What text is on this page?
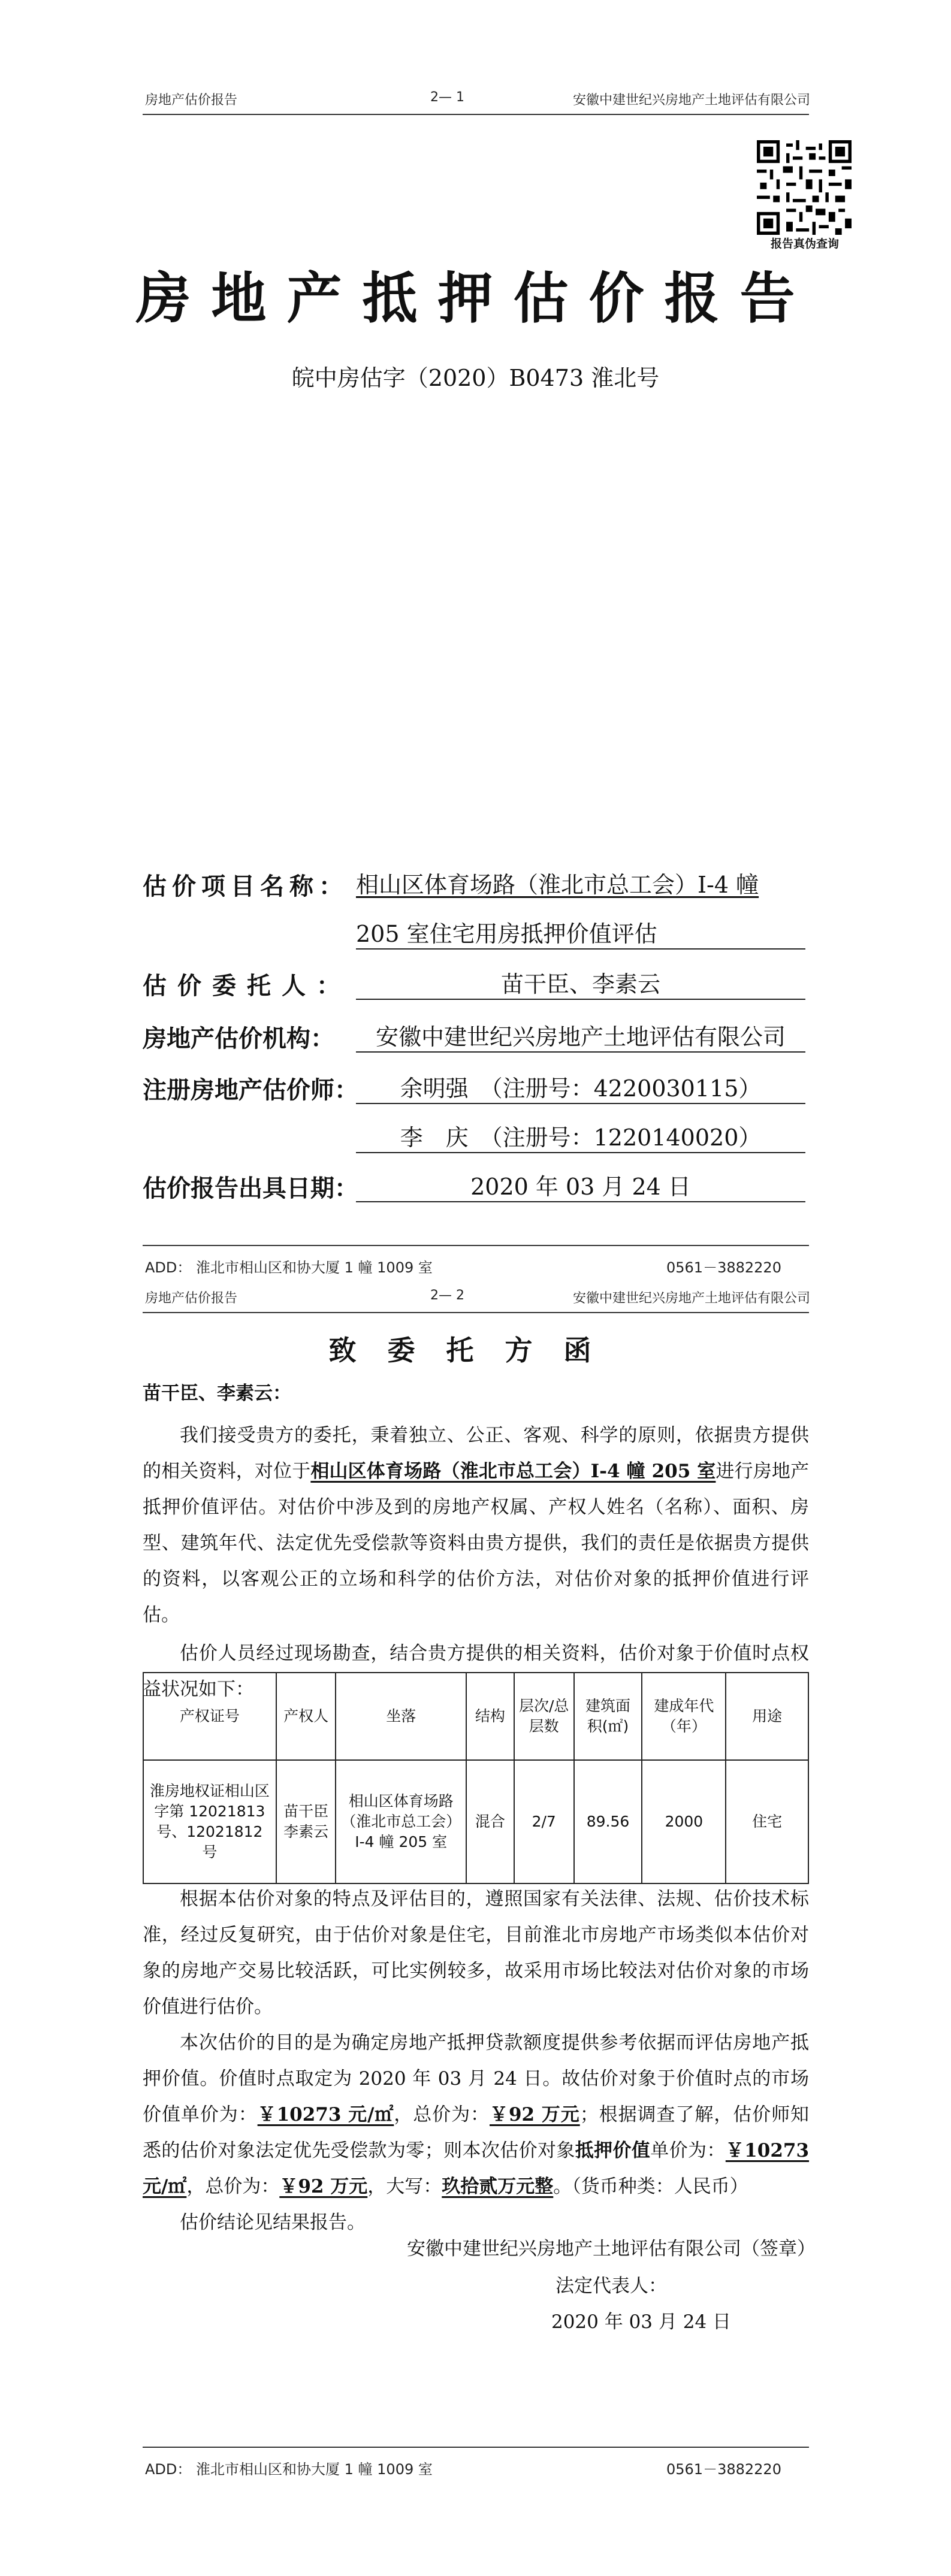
房地产估价报告	2— 1	安徽中建世纪兴房地产土地评估有限公司
报告真伪查询
房地产抵押估价报告
皖中房估字（2020）B0473 淮北号
估价项目名称： 相山区体育场路（淮北市总工会）I-4 幢
205 室住宅用房抵押价值评估
估价委托人：	苗干臣、李素云
房地产估价机构：	安徽中建世纪兴房地产土地评估有限公司
注册房地产估价师：	余明强　（注册号：4220030115）
李　庆　（注册号：1220140020）
估价报告出具日期：	2020 年 03 月 24 日
ADD： 淮北市相山区和协大厦 1 幢 1009 室	0561－3882220
房地产估价报告	2— 2	安徽中建世纪兴房地产土地评估有限公司
致委托方函
苗干臣、李素云：

我们接受贵方的委托，秉着独立、公正、客观、科学的原则，依据贵方提供的相关资料，对位于相山区体育场路（淮北市总工会）I-4 幢 205 室进行房地产抵押价值评估。对估价中涉及到的房地产权属、产权人姓名（名称）、面积、房型、建筑年代、法定优先受偿款等资料由贵方提供，我们的责任是依据贵方提供的资料，以客观公正的立场和科学的估价方法，对估价对象的抵押价值进行评估。

估价人员经过现场勘查，结合贵方提供的相关资料，估价对象于价值时点权益状况如下：

产权证号	产权人	坐落	结构	层次/总层数	建筑面积(㎡)	建成年代（年）	用途
淮房地权证相山区字第 12021813 号、12021812 号	苗干臣李素云	相山区体育场路（淮北市总工会）I-4 幢 205 室	混合	2/7	89.56	2000	住宅

根据本估价对象的特点及评估目的，遵照国家有关法律、法规、估价技术标准，经过反复研究，由于估价对象是住宅，目前淮北市房地产市场类似本估价对象的房地产交易比较活跃，可比实例较多，故采用市场比较法对估价对象的市场价值进行估价。

本次估价的目的是为确定房地产抵押贷款额度提供参考依据而评估房地产抵押价值。价值时点取定为 2020 年 03 月 24 日。故估价对象于价值时点的市场价值单价为：￥10273 元/㎡，总价为：￥92 万元；根据调查了解，估价师知悉的估价对象法定优先受偿款为零；则本次估价对象抵押价值单价为：￥10273 元/㎡，总价为：￥92 万元，大写：玖拾贰万元整。（货币种类：人民币）

估价结论见结果报告。

安徽中建世纪兴房地产土地评估有限公司（签章）
法定代表人：
2020 年 03 月 24 日
ADD： 淮北市相山区和协大厦 1 幢 1009 室	0561－3882220
